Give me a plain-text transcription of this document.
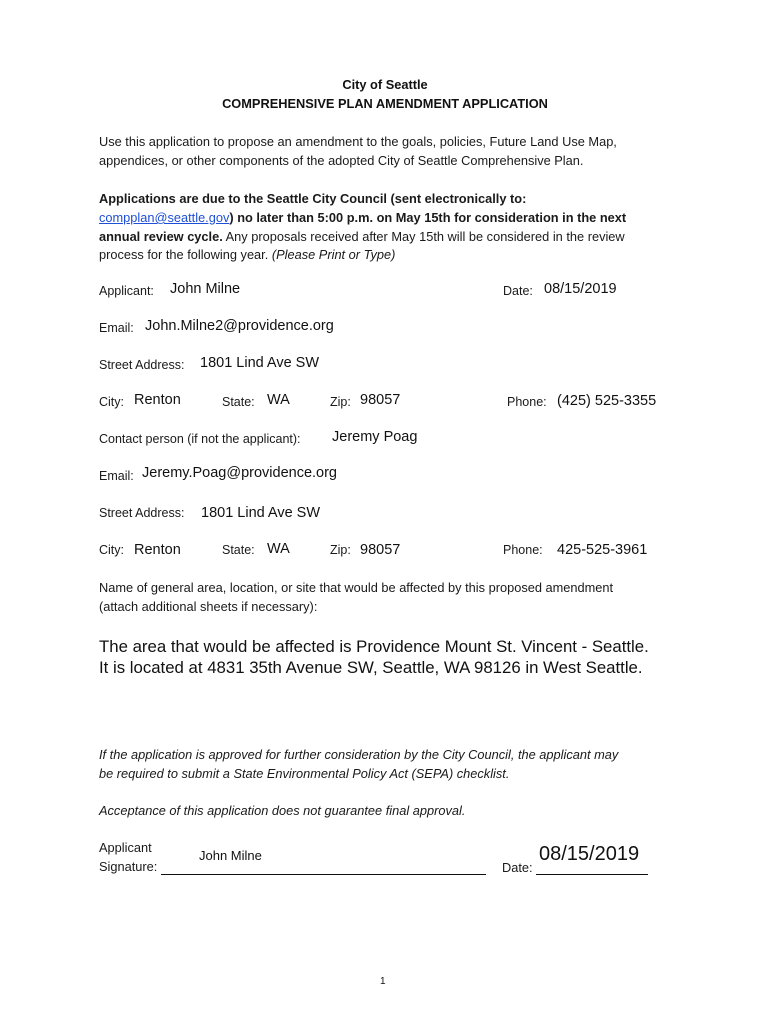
City of Seattle
COMPREHENSIVE PLAN AMENDMENT APPLICATION
Use this application to propose an amendment to the goals, policies, Future Land Use Map,
appendices, or other components of the adopted City of Seattle Comprehensive Plan.
Applications are due to the Seattle City Council (sent electronically to:
compplan@seattle.gov) no later than 5:00 p.m. on May 15th for consideration in the next
annual review cycle. Any proposals received after May 15th will be considered in the review
process for the following year. (Please Print or Type)
Applicant: John Milne	Date: 08/15/2019
Email: John.Milne2@providence.org
Street Address: 1801 Lind Ave SW
City: Renton	State: WA	Zip: 98057	Phone: (425) 525-3355
Contact person (if not the applicant): Jeremy Poag
Email: Jeremy.Poag@providence.org
Street Address: 1801 Lind Ave SW
City: Renton	State: WA	Zip: 98057	Phone: 425-525-3961
Name of general area, location, or site that would be affected by this proposed amendment
(attach additional sheets if necessary):
The area that would be affected is Providence Mount St. Vincent - Seattle.
It is located at 4831 35th Avenue SW, Seattle, WA 98126 in West Seattle.
If the application is approved for further consideration by the City Council, the applicant may
be required to submit a State Environmental Policy Act (SEPA) checklist.
Acceptance of this application does not guarantee final approval.
Applicant
Signature:
John Milne
Date:
08/15/2019
1
